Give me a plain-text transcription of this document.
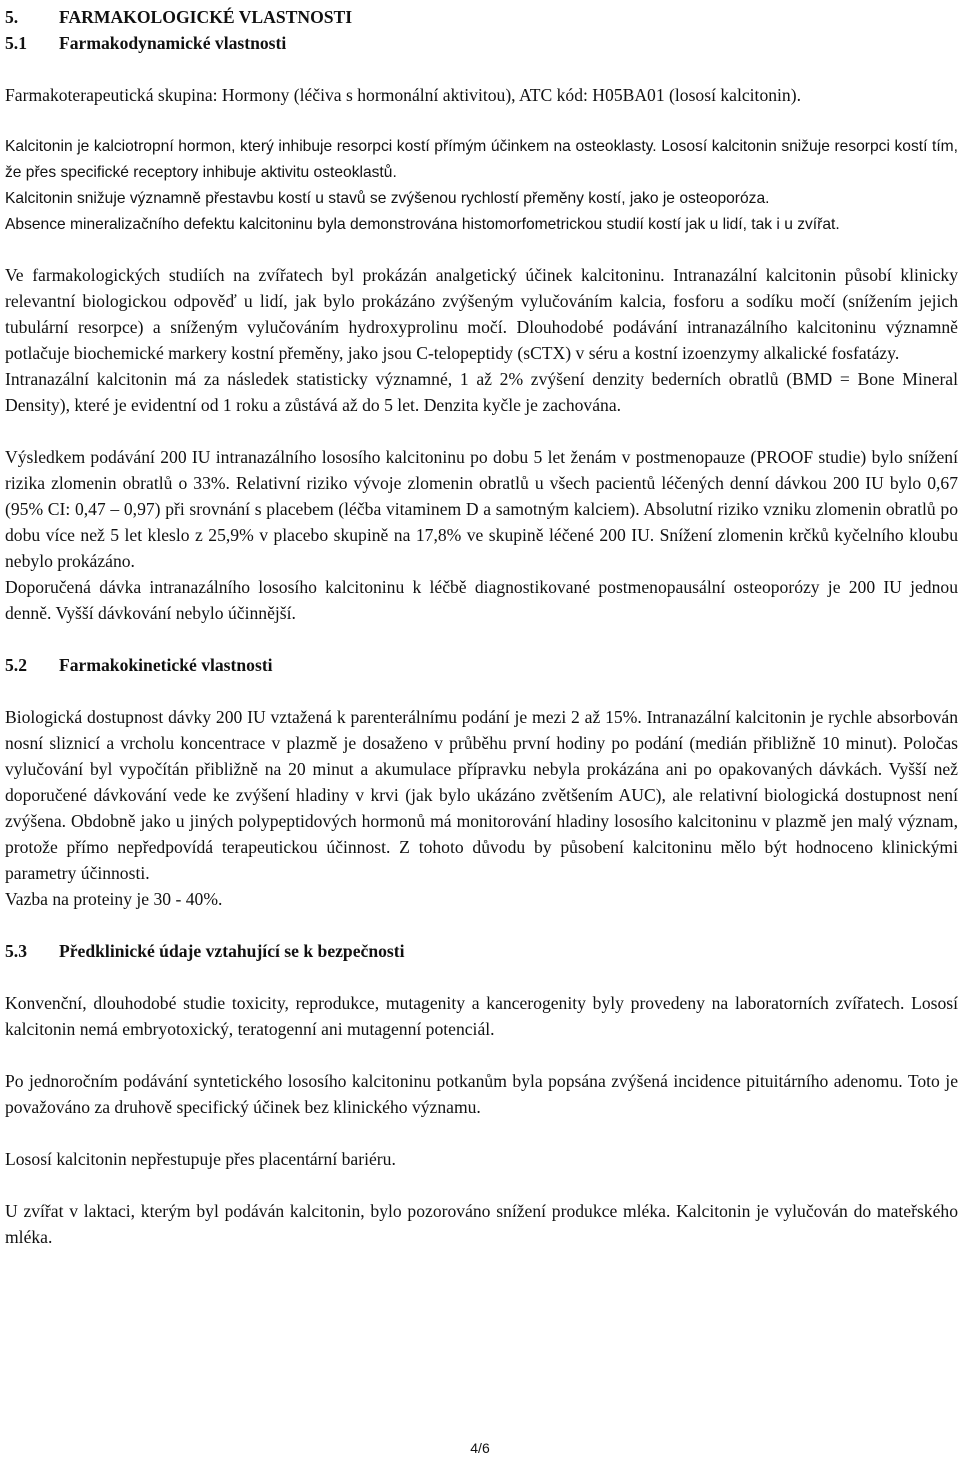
5.	FARMAKOLOGICKÉ VLASTNOSTI
5.1	Farmakodynamické vlastnosti

Farmakoterapeutická skupina: Hormony (léčiva s hormonální aktivitou), ATC kód: H05BA01 (lososí kalcitonin).

Kalcitonin je kalciotropní hormon, který inhibuje resorpci kostí přímým účinkem na osteoklasty. Lososí kalcitonin snižuje resorpci kostí tím, že přes specifické receptory inhibuje aktivitu osteoklastů.

Kalcitonin snižuje významně přestavbu kostí u stavů se zvýšenou rychlostí přeměny kostí, jako je osteoporóza.

Absence mineralizačního defektu kalcitoninu byla demonstrována histomorfometrickou studií kostí jak u lidí, tak i u zvířat.

Ve farmakologických studiích na zvířatech byl prokázán analgetický účinek kalcitoninu. Intranazální kalcitonin působí klinicky relevantní biologickou odpověď u lidí, jak bylo prokázáno zvýšeným vylučováním kalcia, fosforu a sodíku močí (snížením jejich tubulární resorpce) a sníženým vylučováním hydroxyprolinu močí. Dlouhodobé podávání intranazálního kalcitoninu významně potlačuje biochemické markery kostní přeměny, jako jsou C-telopeptidy (sCTX) v séru a kostní izoenzymy alkalické fosfatázy.

Intranazální kalcitonin má za následek statisticky významné, 1 až 2% zvýšení denzity bederních obratlů (BMD = Bone Mineral Density), které je evidentní od 1 roku a zůstává až do 5 let. Denzita kyčle je zachována.

Výsledkem podávání 200 IU intranazálního lososího kalcitoninu po dobu 5 let ženám v postmenopauze (PROOF studie) bylo snížení rizika zlomenin obratlů o 33%. Relativní riziko vývoje zlomenin obratlů u všech pacientů léčených denní dávkou 200 IU bylo 0,67 (95% CI: 0,47 – 0,97) při srovnání s placebem (léčba vitaminem D a samotným kalciem). Absolutní riziko vzniku zlomenin obratlů po dobu více než 5 let kleslo z 25,9% v placebo skupině na 17,8% ve skupině léčené 200 IU. Snížení zlomenin krčků kyčelního kloubu nebylo prokázáno.

Doporučená dávka intranazálního lososího kalcitoninu k léčbě diagnostikované postmenopausální osteoporózy je 200 IU jednou denně. Vyšší dávkování nebylo účinnější.

5.2	Farmakokinetické vlastnosti

Biologická dostupnost dávky 200 IU vztažená k parenterálnímu podání je mezi 2 až 15%. Intranazální kalcitonin je rychle absorbován nosní sliznicí a vrcholu koncentrace v plazmě je dosaženo v průběhu první hodiny po podání (medián přibližně 10 minut). Poločas vylučování byl vypočítán přibližně na 20 minut a akumulace přípravku nebyla prokázána ani po opakovaných dávkách. Vyšší než doporučené dávkování vede ke zvýšení hladiny v krvi (jak bylo ukázáno zvětšením AUC), ale relativní biologická dostupnost není zvýšena. Obdobně jako u jiných polypeptidových hormonů má monitorování hladiny lososího kalcitoninu v plazmě jen malý význam, protože přímo nepředpovídá terapeutickou účinnost. Z tohoto důvodu by působení kalcitoninu mělo být hodnoceno klinickými parametry účinnosti.

Vazba na proteiny je 30 - 40%.

5.3	Předklinické údaje vztahující se k bezpečnosti

Konvenční, dlouhodobé studie toxicity, reprodukce, mutagenity a kancerogenity byly provedeny na laboratorních zvířatech. Lososí kalcitonin nemá embryotoxický, teratogenní ani mutagenní potenciál.

Po jednoročním podávání syntetického lososího kalcitoninu potkanům byla popsána zvýšená incidence pituitárního adenomu. Toto je považováno za druhově specifický účinek bez klinického významu.

Lososí kalcitonin nepřestupuje přes placentární bariéru.

U zvířat v laktaci, kterým byl podáván kalcitonin, bylo pozorováno snížení produkce mléka. Kalcitonin je vylučován do mateřského mléka.

4/6
